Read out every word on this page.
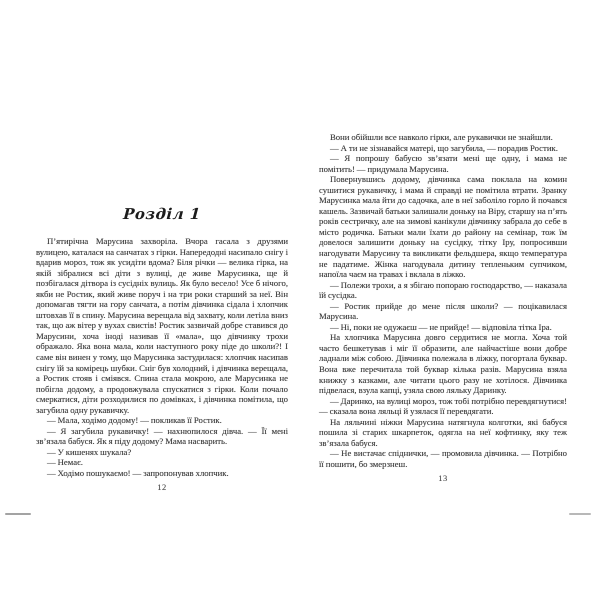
Розділ 1

П’ятирічна Марусина захворіла. Вчора гасала з друзями вулицею, каталася на санчатах з гірки. Напередодні насипало снігу і вдарив мороз, тож як усидіти вдома? Біля річки — велика гірка, на якій зібралися всі діти з вулиці, де живе Марусинка, ще й позбігалася дітвора із сусідніх вулиць. Як було весело! Усе б нічого, якби не Ростик, який живе поруч і на три роки старший за неї. Він допомагав тягти на гору санчата, а потім дівчинка сідала і хлопчик штовхав її в спину. Марусина верещала від захвату, коли летіла вниз так, що аж вітер у вухах свистів! Ростик зазвичай добре ставився до Марусини, хоча іноді називав її «мала», що дівчинку трохи ображало. Яка вона мала, коли наступного року піде до школи?! І саме він винен у тому, що Марусинка застудилася: хлопчик насипав снігу їй за комірець шубки. Сніг був холодний, і дівчинка верещала, а Ростик стояв і сміявся. Спина стала мокрою, але Марусинка не побігла додому, а продовжувала спускатися з гірки. Коли почало смеркатися, діти розходилися по домівках, і дівчинка помітила, що загубила одну рукавичку.

— Мала, ходімо додому! — покликав її Ростик.

— Я загубила рукавичку! — нахнюпилося дівча. — Її мені зв’язала бабуся. Як я піду додому? Мама насварить.

— У кишенях шукала?

— Немає.

— Ходімо пошукаємо! — запропонував хлопчик.

12

Вони обійшли все навколо гірки, але рукавички не знайшли.

— А ти не зізнавайся матері, що загубила, — порадив Ростик.

— Я попрошу бабусю зв’язати мені ще одну, і мама не помітить! — придумала Марусина.

Повернувшись додому, дівчинка сама поклала на комин сушитися рукавичку, і мама й справді не помітила втрати. Зранку Марусинка мала йти до садочка, але в неї заболіло горло й почався кашель. Зазвичай батьки залишали доньку на Віру, старшу на п’ять років сестричку, але на зимові канікули дівчинку забрала до себе в місто родичка. Батьки мали їхати до району на семінар, тож їм довелося залишити доньку на сусідку, тітку Іру, попросивши нагодувати Марусину та викликати фельдшера, якщо температура не падатиме. Жінка нагодувала дитину тепленьким супчиком, напоїла чаєм на травах і вклала в ліжко.

— Полежи трохи, а я збігаю попораю господарство, — наказала їй сусідка.

— Ростик прийде до мене після школи? — поцікавилася Марусина.

— Ні, поки не одужаєш — не прийде! — відповіла тітка Іра.

На хлопчика Марусина довго сердитися не могла. Хоча той часто бешкетував і міг її образити, але найчастіше вони добре ладнали між собою. Дівчинка полежала в ліжку, погортала буквар. Вона вже перечитала той буквар кілька разів. Марусина взяла книжку з казками, але читати цього разу не хотілося. Дівчинка підвелася, взула капці, узяла свою ляльку Даринку.

— Даринко, на вулиці мороз, тож тобі потрібно перевдягнутися! — сказала вона ляльці й узялася її перевдягати.

На ляльчині ніжки Марусина натягнула колготки, які бабуся пошила зі старих шкарпеток, одягла на неї кофтинку, яку теж зв’язала бабуся.

— Не вистачає спіднички, — промовила дівчинка. — Потрібно її пошити, бо змерзнеш.

13
